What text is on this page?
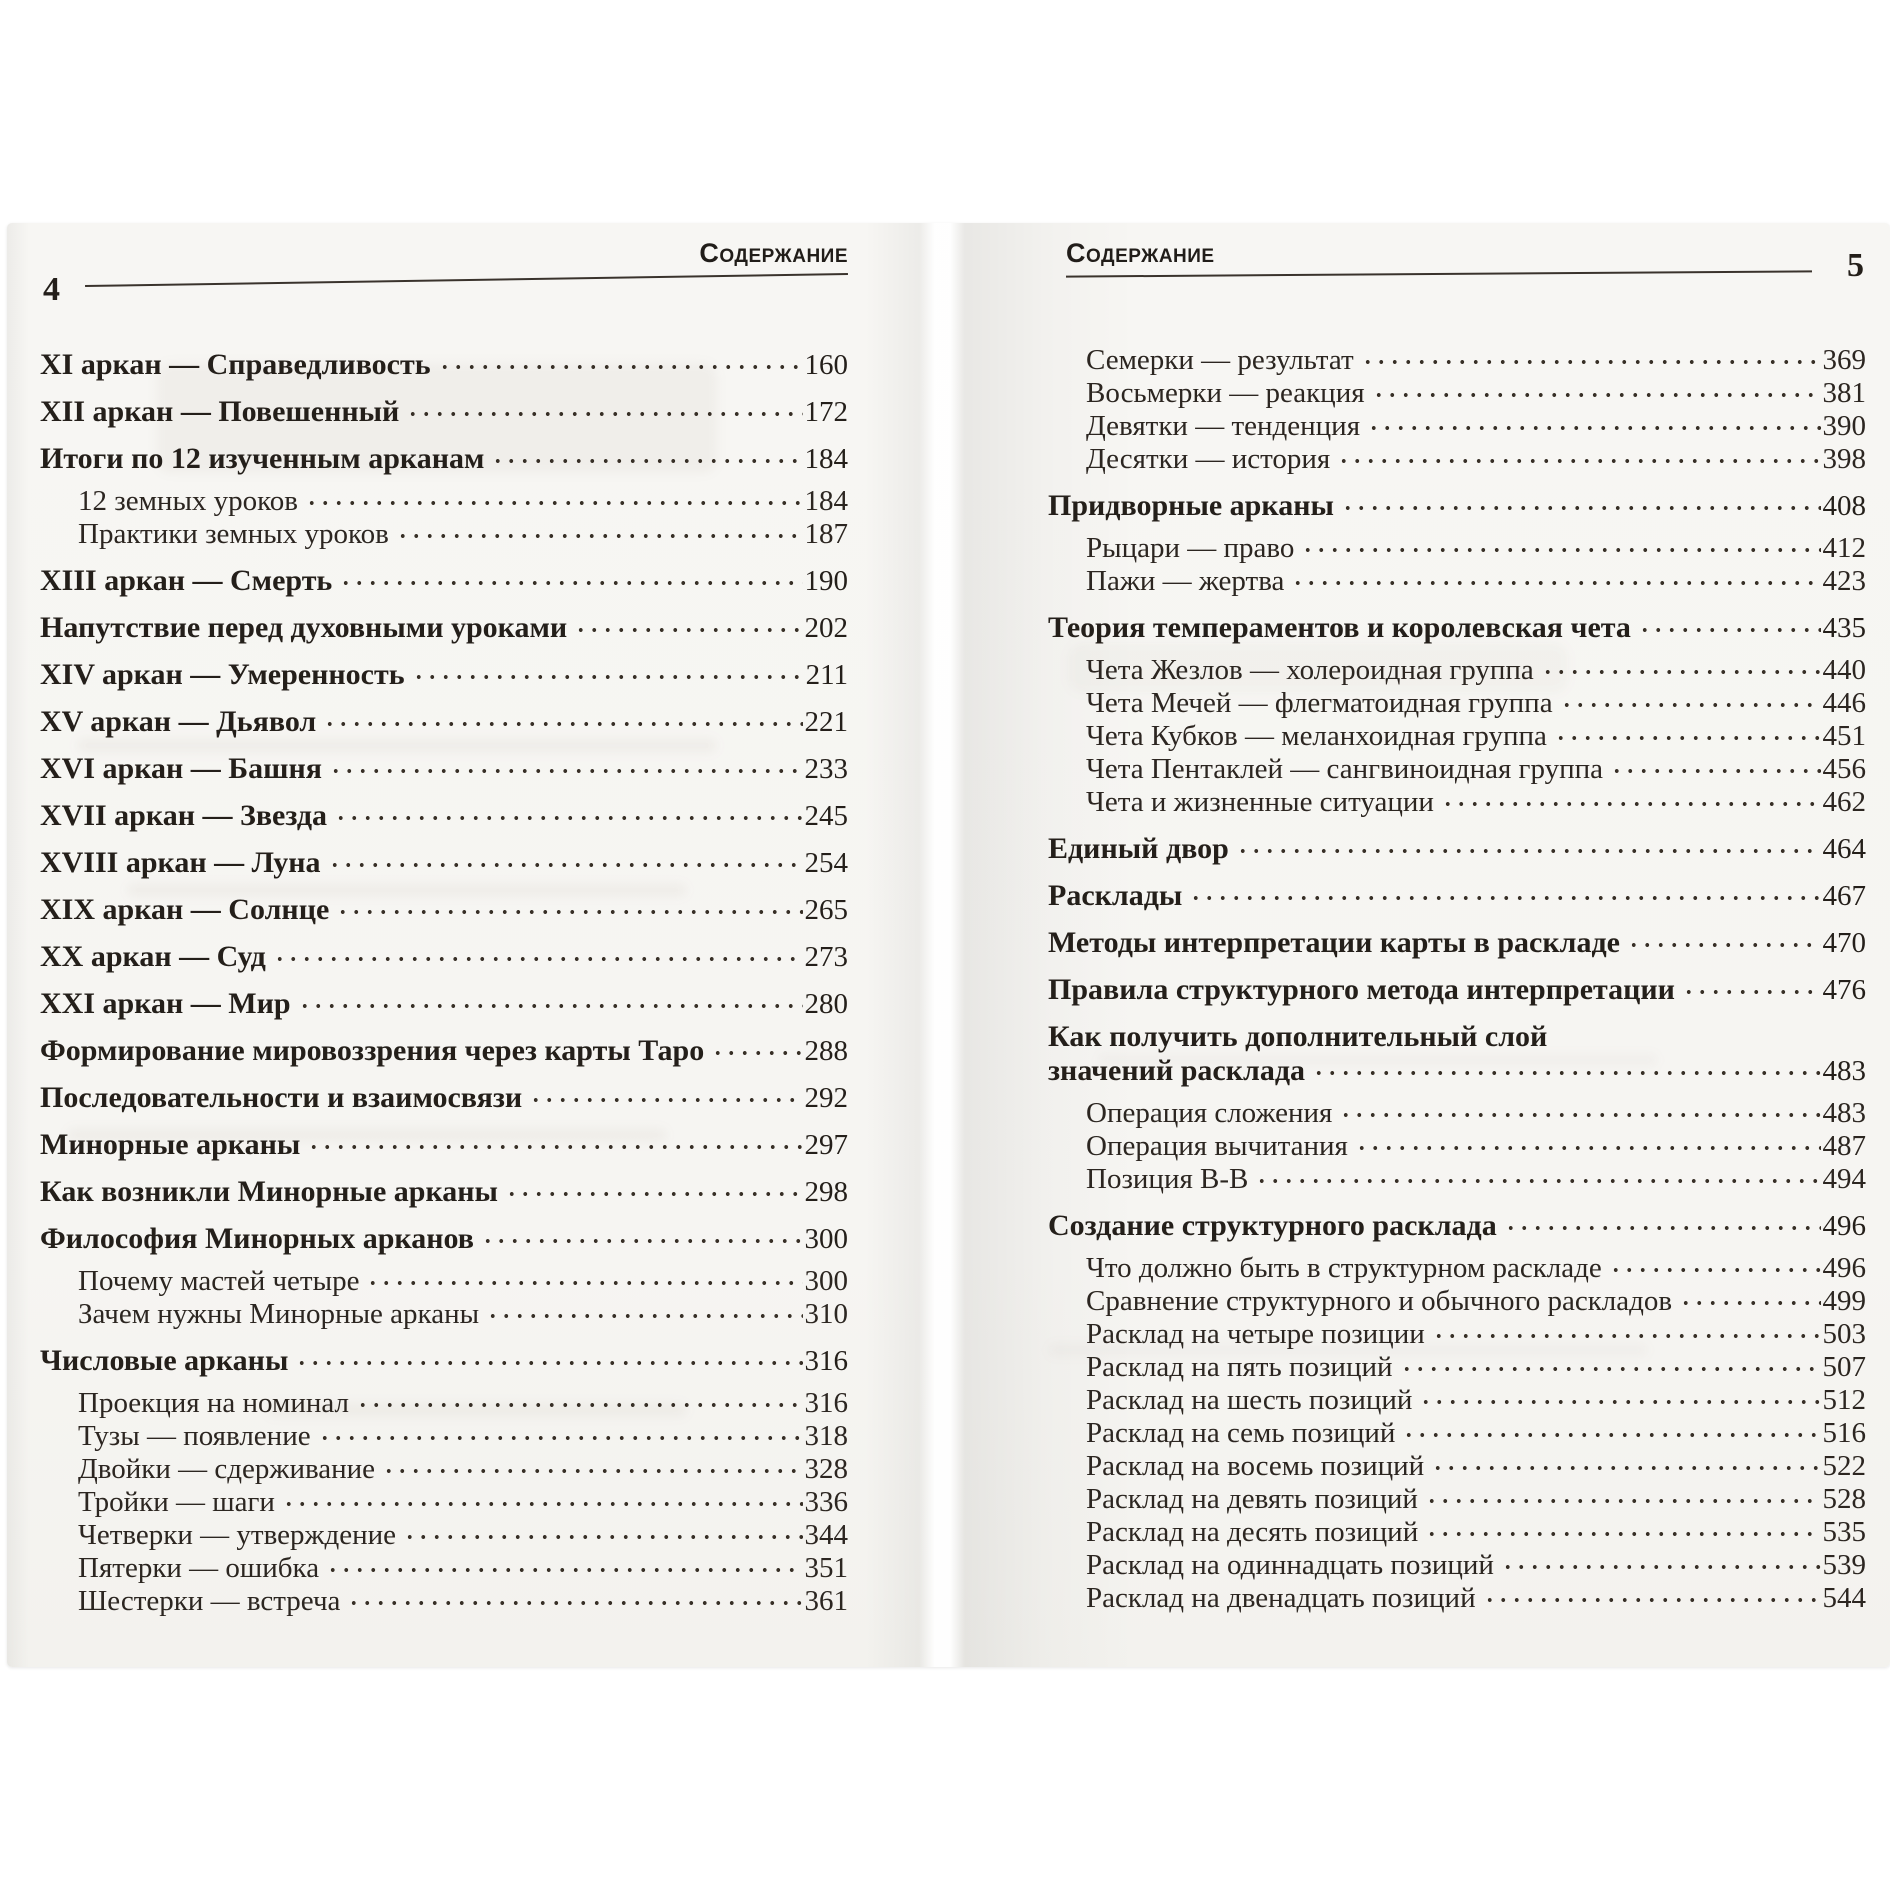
4
Содержание
XI аркан — Справедливость	160
XII аркан — Повешенный	172
Итоги по 12 изученным арканам	184
12 земных уроков	184
Практики земных уроков	187
XIII аркан — Смерть	190
Напутствие перед духовными уроками	202
XIV аркан — Умеренность	211
XV аркан — Дьявол	221
XVI аркан — Башня	233
XVII аркан — Звезда	245
XVIII аркан — Луна	254
XIX аркан — Солнце	265
XX аркан — Суд	273
XXI аркан — Мир	280
Формирование мировоззрения через карты Таро	288
Последовательности и взаимосвязи	292
Минорные арканы	297
Как возникли Минорные арканы	298
Философия Минорных арканов	300
Почему мастей четыре	300
Зачем нужны Минорные арканы	310
Числовые арканы	316
Проекция на номинал	316
Тузы — появление	318
Двойки — сдерживание	328
Тройки — шаги	336
Четверки — утверждение	344
Пятерки — ошибка	351
Шестерки — встреча	361
Содержание	5
Семерки — результат	369
Восьмерки — реакция	381
Девятки — тенденция	390
Десятки — история	398
Придворные арканы	408
Рыцари — право	412
Пажи — жертва	423
Теория темпераментов и королевская чета	435
Чета Жезлов — холероидная группа	440
Чета Мечей — флегматоидная группа	446
Чета Кубков — меланхоидная группа	451
Чета Пентаклей — сангвиноидная группа	456
Чета и жизненные ситуации	462
Единый двор	464
Расклады	467
Методы интерпретации карты в раскладе	470
Правила структурного метода интерпретации	476
Как получить дополнительный слой
значений расклада	483
Операция сложения	483
Операция вычитания	487
Позиция В-В	494
Создание структурного расклада	496
Что должно быть в структурном раскладе	496
Сравнение структурного и обычного раскладов	499
Расклад на четыре позиции	503
Расклад на пять позиций	507
Расклад на шесть позиций	512
Расклад на семь позиций	516
Расклад на восемь позиций	522
Расклад на девять позиций	528
Расклад на десять позиций	535
Расклад на одиннадцать позиций	539
Расклад на двенадцать позиций	544
